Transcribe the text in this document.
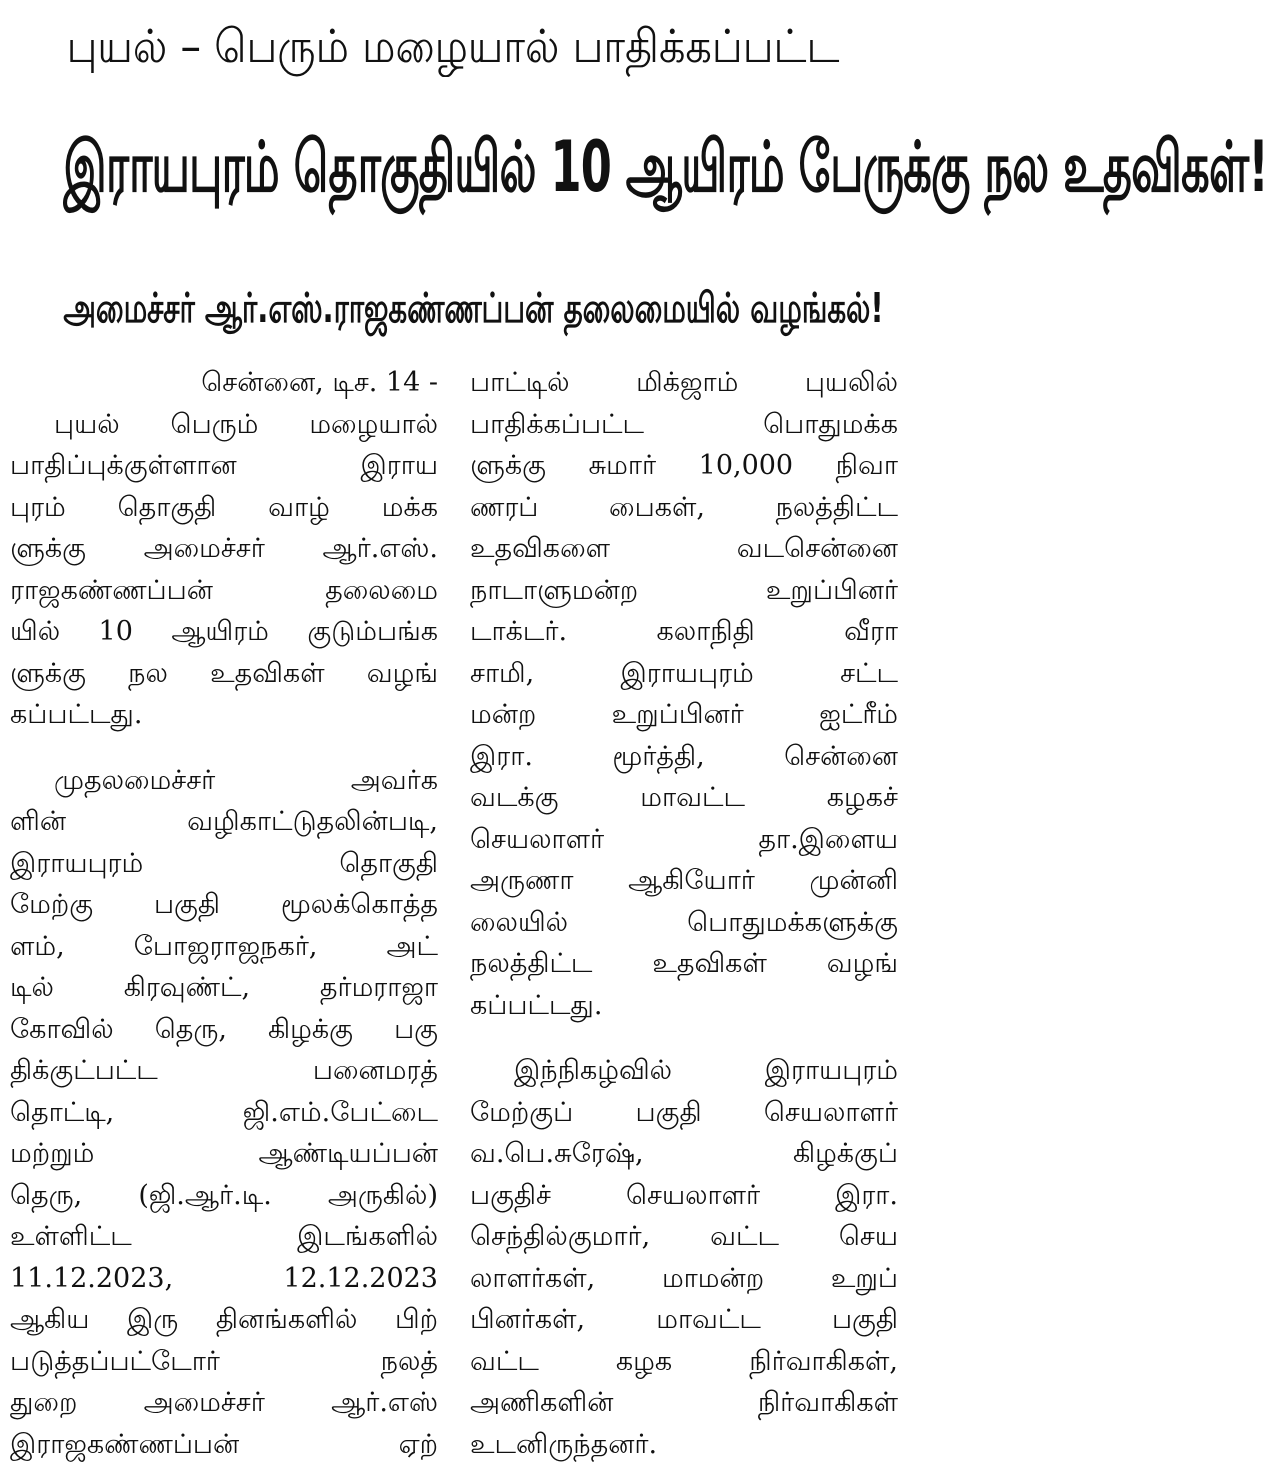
புயல் – பெரும் மழையால் பாதிக்கப்பட்ட
இராயபுரம் தொகுதியில் 10 ஆயிரம் பேருக்கு நல உதவிகள்!
அமைச்சர் ஆர்.எஸ்.ராஜகண்ணப்பன் தலைமையில் வழங்கல்!
சென்னை, டிச. 14 -
புயல் பெரும் மழையால்
பாதிப்புக்குள்ளான இராய
புரம் தொகுதி வாழ் மக்க
ளுக்கு அமைச்சர் ஆர்.எஸ்.
ராஜகண்ணப்பன் தலைமை
யில் 10 ஆயிரம் குடும்பங்க
ளுக்கு நல உதவிகள் வழங்
கப்பட்டது.
முதலமைச்சர் அவர்க
ளின் வழிகாட்டுதலின்படி,
இராயபுரம் தொகுதி
மேற்கு பகுதி மூலக்கொத்த
ளம், போஜராஜநகர், அட்
டில் கிரவுண்ட், தர்மராஜா
கோவில் தெரு, கிழக்கு பகு
திக்குட்பட்ட பனைமரத்
தொட்டி, ஜி.எம்.பேட்டை
மற்றும் ஆண்டியப்பன்
தெரு, (ஜி.ஆர்.டி. அருகில்)
உள்ளிட்ட இடங்களில்
11.12.2023, 12.12.2023
ஆகிய இரு தினங்களில் பிற்
படுத்தப்பட்டோர் நலத்
துறை அமைச்சர் ஆர்.எஸ்
இராஜகண்ணப்பன் ஏற்
பாட்டில் மிக்ஜாம் புயலில்
பாதிக்கப்பட்ட பொதுமக்க
ளுக்கு சுமார் 10,000 நிவா
ணரப் பைகள், நலத்திட்ட
உதவிகளை வடசென்னை
நாடாளுமன்ற உறுப்பினர்
டாக்டர். கலாநிதி வீரா
சாமி, இராயபுரம் சட்ட
மன்ற உறுப்பினர் ஐட்ரீம்
இரா. மூர்த்தி, சென்னை
வடக்கு மாவட்ட கழகச்
செயலாளர் தா.இளைய
அருணா ஆகியோர் முன்னி
லையில் பொதுமக்களுக்கு
நலத்திட்ட உதவிகள் வழங்
கப்பட்டது.
இந்நிகழ்வில் இராயபுரம்
மேற்குப் பகுதி செயலாளர்
வ.பெ.சுரேஷ், கிழக்குப்
பகுதிச் செயலாளர் இரா.
செந்தில்குமார், வட்ட செய
லாளர்கள், மாமன்ற உறுப்
பினர்கள், மாவட்ட பகுதி
வட்ட கழக நிர்வாகிகள்,
அணிகளின் நிர்வாகிகள்
உடனிருந்தனர்.
